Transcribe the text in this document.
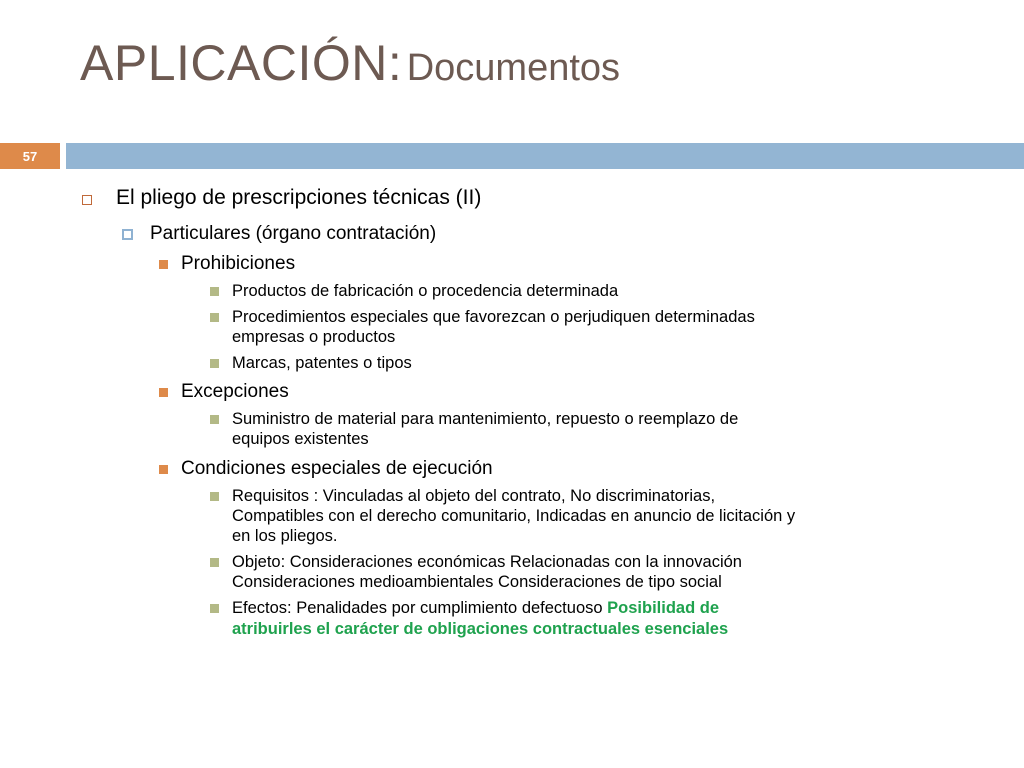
APLICACIÓN: Documentos
57
El pliego de prescripciones técnicas (II)
Particulares (órgano contratación)
Prohibiciones
Productos de fabricación o procedencia determinada
Procedimientos especiales que favorezcan o perjudiquen determinadas
empresas o productos
Marcas, patentes o tipos
Excepciones
Suministro de material para mantenimiento, repuesto o reemplazo de
equipos existentes
Condiciones especiales de ejecución
Requisitos : Vinculadas al objeto del contrato, No discriminatorias,
Compatibles con el derecho comunitario, Indicadas en anuncio de licitación y
en los pliegos.
Objeto: Consideraciones económicas Relacionadas con la innovación
Consideraciones medioambientales Consideraciones de tipo social
Efectos: Penalidades por cumplimiento defectuoso Posibilidad de
atribuirles el carácter de obligaciones contractuales esenciales
